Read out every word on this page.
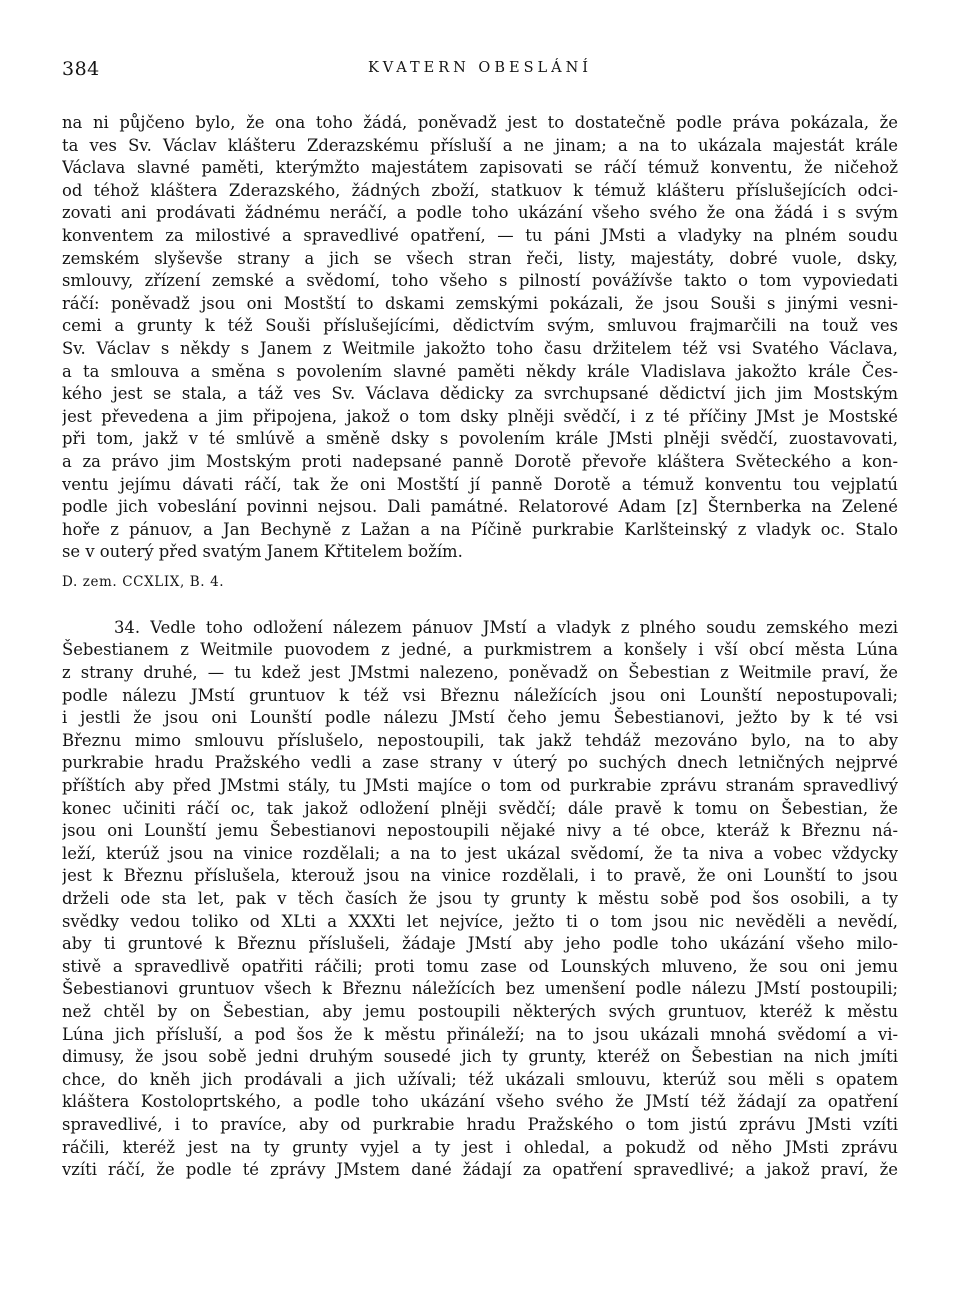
384	KVATERN OBESLÁNÍ
na ni půjčeno bylo, že ona toho žádá, poněvadž jest to dostatečně podle práva pokázala, že
ta ves Sv. Václav klášteru Zderazskému přísluší a ne jinam; a na to ukázala majestát krále
Václava slavné paměti, kterýmžto majestátem zapisovati se ráčí témuž konventu, že ničehož
od téhož kláštera Zderazského, žádných zboží, statkuov k témuž klášteru příslušejících odci-
zovati ani prodávati žádnému neráčí, a podle toho ukázání všeho svého že ona žádá i s svým
konventem za milostivé a spravedlivé opatření, — tu páni JMsti a vladyky na plném soudu
zemském slyševše strany a jich se všech stran řeči, listy, majestáty, dobré vuole, dsky,
smlouvy, zřízení zemské a svědomí, toho všeho s pilností povážívše takto o tom vypoviedati
ráčí: poněvadž jsou oni Mostští to dskami zemskými pokázali, že jsou Souši s jinými vesni-
cemi a grunty k též Souši příslušejícími, dědictvím svým, smluvou frajmarčili na touž ves
Sv. Václav s někdy s Janem z Weitmile jakožto toho času držitelem též vsi Svatého Václava,
a ta smlouva a směna s povolením slavné paměti někdy krále Vladislava jakožto krále Čes-
kého jest se stala, a táž ves Sv. Václava dědicky za svrchupsané dědictví jich jim Mostským
jest převedena a jim připojena, jakož o tom dsky plněji svědčí, i z té příčiny JMst je Mostské
při tom, jakž v té smlúvě a směně dsky s povolením krále JMsti plněji svědčí, zuostavovati,
a za právo jim Mostským proti nadepsané panně Dorotě převoře kláštera Světeckého a kon-
ventu jejímu dávati ráčí, tak že oni Mostští jí panně Dorotě a témuž konventu tou vejplatú
podle jich vobeslání povinni nejsou. Dali památné. Relatorové Adam [z] Šternberka na Zelené
hoře z pánuov, a Jan Bechyně z Lažan a na Píčině purkrabie Karlšteinský z vladyk oc. Stalo
se v outerý před svatým Janem Křtitelem božím.
D. zem. CCXLIX, B. 4.
34. Vedle toho odložení nálezem pánuov JMstí a vladyk z plného soudu zemského mezi
Šebestianem z Weitmile puovodem z jedné, a purkmistrem a konšely i vší obcí města Lúna
z strany druhé, — tu kdež jest JMstmi nalezeno, poněvadž on Šebestian z Weitmile praví, že
podle nálezu JMstí gruntuov k též vsi Březnu náležících jsou oni Lounští nepostupovali;
i jestli že jsou oni Lounští podle nálezu JMstí čeho jemu Šebestianovi, ježto by k té vsi
Březnu mimo smlouvu příslušelo, nepostoupili, tak jakž tehdáž mezováno bylo, na to aby
purkrabie hradu Pražského vedli a zase strany v úterý po suchých dnech letničných nejprvé
příštích aby před JMstmi stály, tu JMsti majíce o tom od purkrabie zprávu stranám spravedlivý
konec učiniti ráčí oc, tak jakož odložení plněji svědčí; dále pravě k tomu on Šebestian, že
jsou oni Lounští jemu Šebestianovi nepostoupili nějaké nivy a té obce, kteráž k Březnu ná-
leží, kterúž jsou na vinice rozdělali; a na to jest ukázal svědomí, že ta niva a vobec vždycky
jest k Březnu příslušela, kterouž jsou na vinice rozdělali, i to pravě, že oni Lounští to jsou
drželi ode sta let, pak v těch časích že jsou ty grunty k městu sobě pod šos osobili, a ty
svědky vedou toliko od XLti a XXXti let nejvíce, ježto ti o tom jsou nic nevěděli a nevědí,
aby ti gruntové k Březnu příslušeli, žádaje JMstí aby jeho podle toho ukázání všeho milo-
stivě a spravedlivě opatřiti ráčili; proti tomu zase od Lounských mluveno, že sou oni jemu
Šebestianovi gruntuov všech k Březnu náležících bez umenšení podle nálezu JMstí postoupili;
než chtěl by on Šebestian, aby jemu postoupili některých svých gruntuov, kteréž k městu
Lúna jich přísluší, a pod šos že k městu přináleží; na to jsou ukázali mnohá svědomí a vi-
dimusy, že jsou sobě jedni druhým sousedé jich ty grunty, kteréž on Šebestian na nich jmíti
chce, do kněh jich prodávali a jich užívali; též ukázali smlouvu, kterúž sou měli s opatem
kláštera Kostoloprtského, a podle toho ukázání všeho svého že JMstí též žádají za opatření
spravedlivé, i to pravíce, aby od purkrabie hradu Pražského o tom jistú zprávu JMsti vzíti
ráčili, kteréž jest na ty grunty vyjel a ty jest i ohledal, a pokudž od něho JMsti zprávu
vzíti ráčí, že podle té zprávy JMstem dané žádají za opatření spravedlivé; a jakož praví, že
